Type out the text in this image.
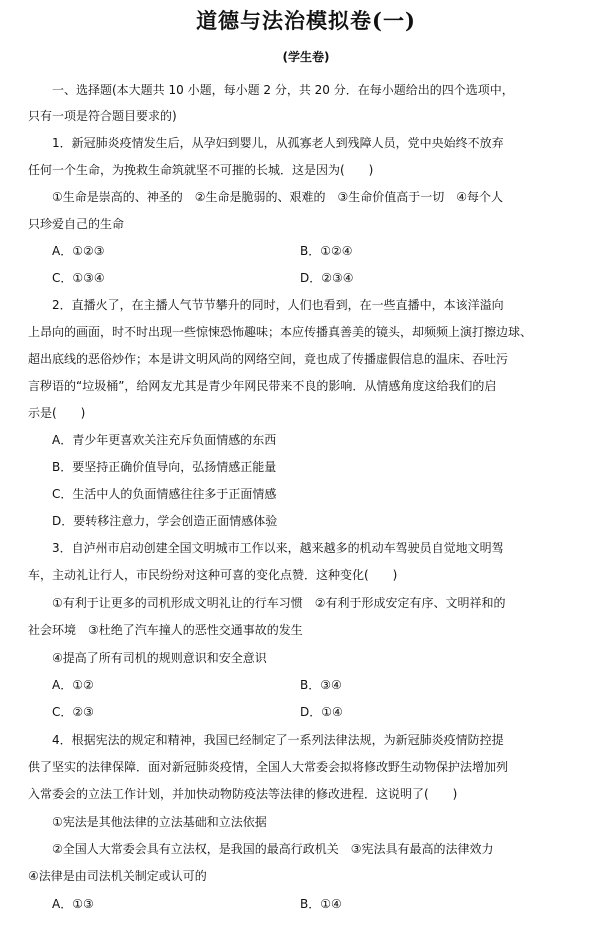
道德与法治模拟卷(一)
(学生卷)
一、选择题(本大题共 10 小题，每小题 2 分，共 20 分．在每小题给出的四个选项中，
只有一项是符合题目要求的)
1．新冠肺炎疫情发生后，从孕妇到婴儿，从孤寡老人到残障人员，党中央始终不放弃
任何一个生命，为挽救生命筑就坚不可摧的长城．这是因为(　　)
①生命是崇高的、神圣的　②生命是脆弱的、艰难的　③生命价值高于一切　④每个人
只珍爱自己的生命
A．①②③	B．①②④
C．①③④	D．②③④
2．直播火了，在主播人气节节攀升的同时，人们也看到，在一些直播中，本该洋溢向
上昂向的画面，时不时出现一些惊悚恐怖趣味；本应传播真善美的镜头，却频频上演打擦边球、
超出底线的恶俗炒作；本是讲文明风尚的网络空间，竟也成了传播虚假信息的温床、吞吐污
言秽语的“垃圾桶”，给网友尤其是青少年网民带来不良的影响．从情感角度这给我们的启
示是(　　)
A．青少年更喜欢关注充斥负面情感的东西
B．要坚持正确价值导向，弘扬情感正能量
C．生活中人的负面情感往往多于正面情感
D．要转移注意力，学会创造正面情感体验
3．自泸州市启动创建全国文明城市工作以来，越来越多的机动车驾驶员自觉地文明驾
车，主动礼让行人，市民纷纷对这种可喜的变化点赞．这种变化(　　)
①有利于让更多的司机形成文明礼让的行车习惯　②有利于形成安定有序、文明祥和的
社会环境　③杜绝了汽车撞人的恶性交通事故的发生
④提高了所有司机的规则意识和安全意识
A．①②	B．③④
C．②③	D．①④
4．根据宪法的规定和精神，我国已经制定了一系列法律法规，为新冠肺炎疫情防控提
供了坚实的法律保障．面对新冠肺炎疫情，全国人大常委会拟将修改野生动物保护法增加列
入常委会的立法工作计划，并加快动物防疫法等法律的修改进程．这说明了(　　)
①宪法是其他法律的立法基础和立法依据
②全国人大常委会具有立法权，是我国的最高行政机关　③宪法具有最高的法律效力
④法律是由司法机关制定或认可的
A．①③	B．①④
